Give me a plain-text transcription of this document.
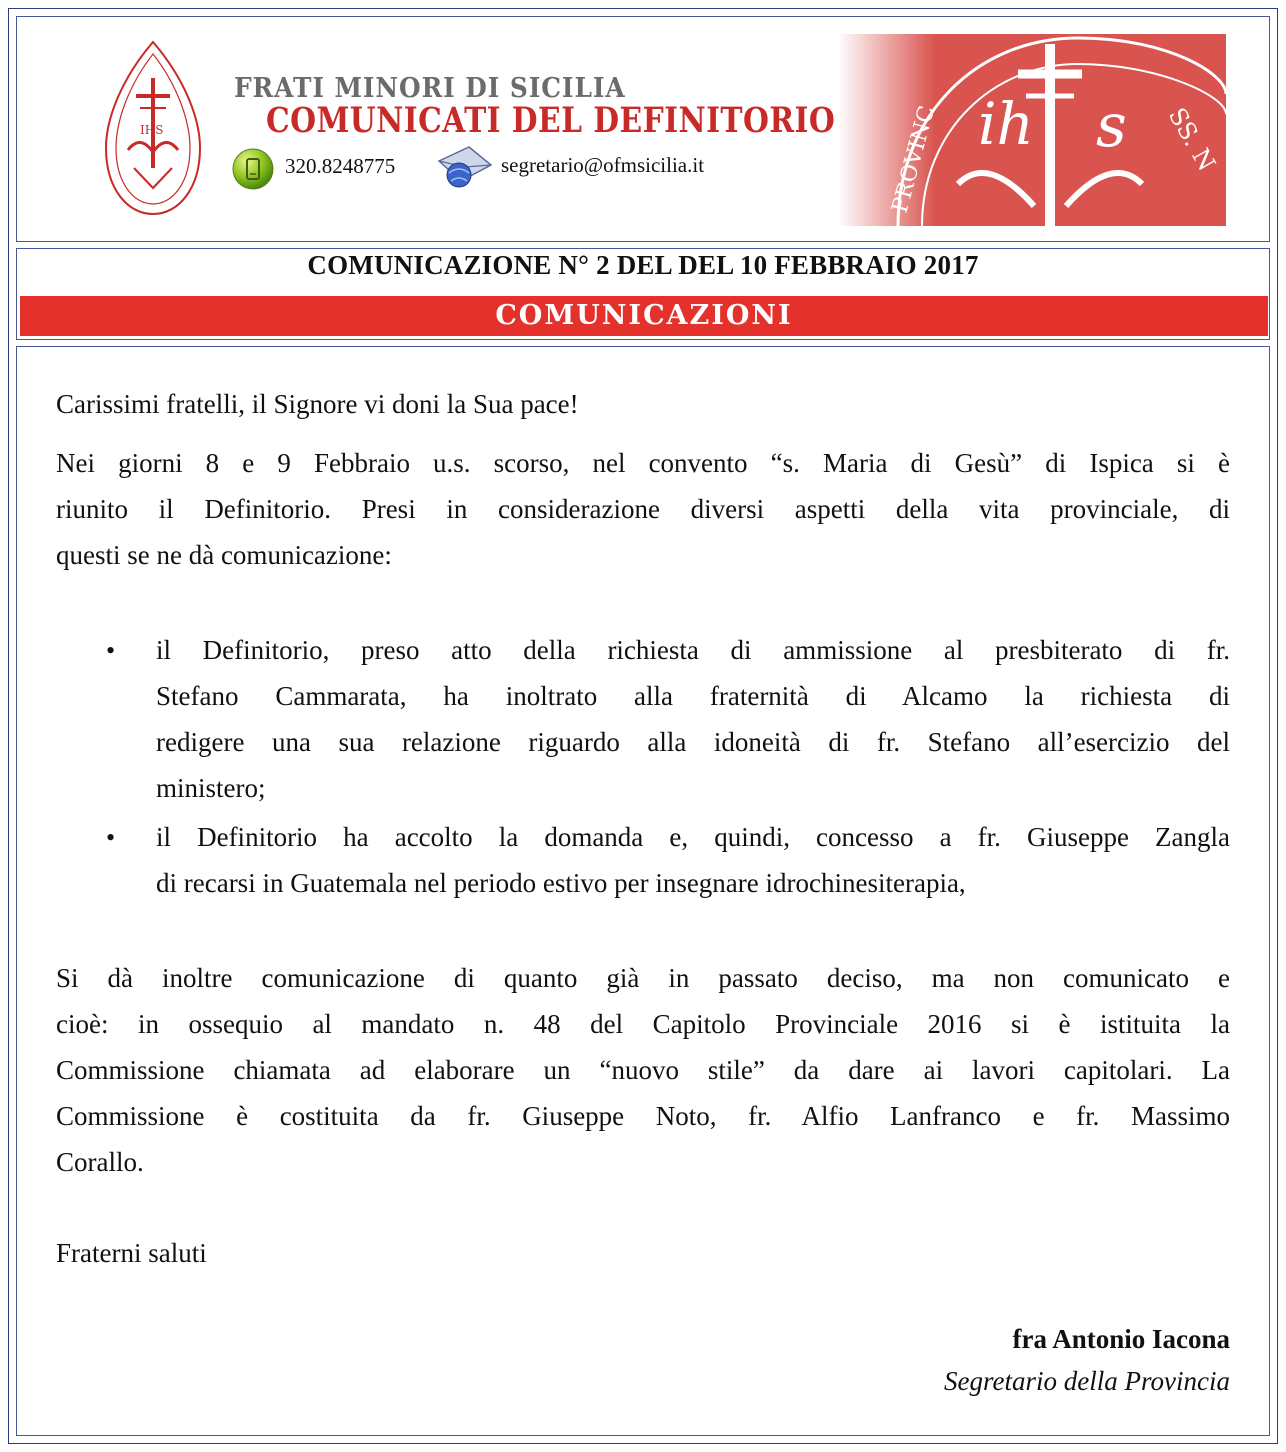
IHS
FRATI MINORI DI SICILIA
COMUNICATI DEL DEFINITORIO
320.8248775	segretario@ofmsicilia.it
COMUNICAZIONE N° 2 DEL DEL 10 FEBBRAIO 2017
COMUNICAZIONI
Carissimi fratelli, il Signore vi doni la Sua pace!
Nei giorni 8 e 9 Febbraio u.s. scorso, nel convento “s. Maria di Gesù” di Ispica si è
riunito il Definitorio. Presi in considerazione diversi aspetti della vita provinciale, di
questi se ne dà comunicazione:
• il Definitorio, preso atto della richiesta di ammissione al presbiterato di fr.
Stefano Cammarata, ha inoltrato alla fraternità di Alcamo la richiesta di
redigere una sua relazione riguardo alla idoneità di fr. Stefano all’esercizio del
ministero;
• il Definitorio ha accolto la domanda e, quindi, concesso a fr. Giuseppe Zangla
di recarsi in Guatemala nel periodo estivo per insegnare idrochinesiterapia,
Si dà inoltre comunicazione di quanto già in passato deciso, ma non comunicato e
cioè: in ossequio al mandato n. 48 del Capitolo Provinciale 2016 si è istituita la
Commissione chiamata ad elaborare un “nuovo stile” da dare ai lavori capitolari. La
Commissione è costituita da fr. Giuseppe Noto, fr. Alfio Lanfranco e fr. Massimo
Corallo.
Fraterni saluti
fra Antonio Iacona
Segretario della Provincia
